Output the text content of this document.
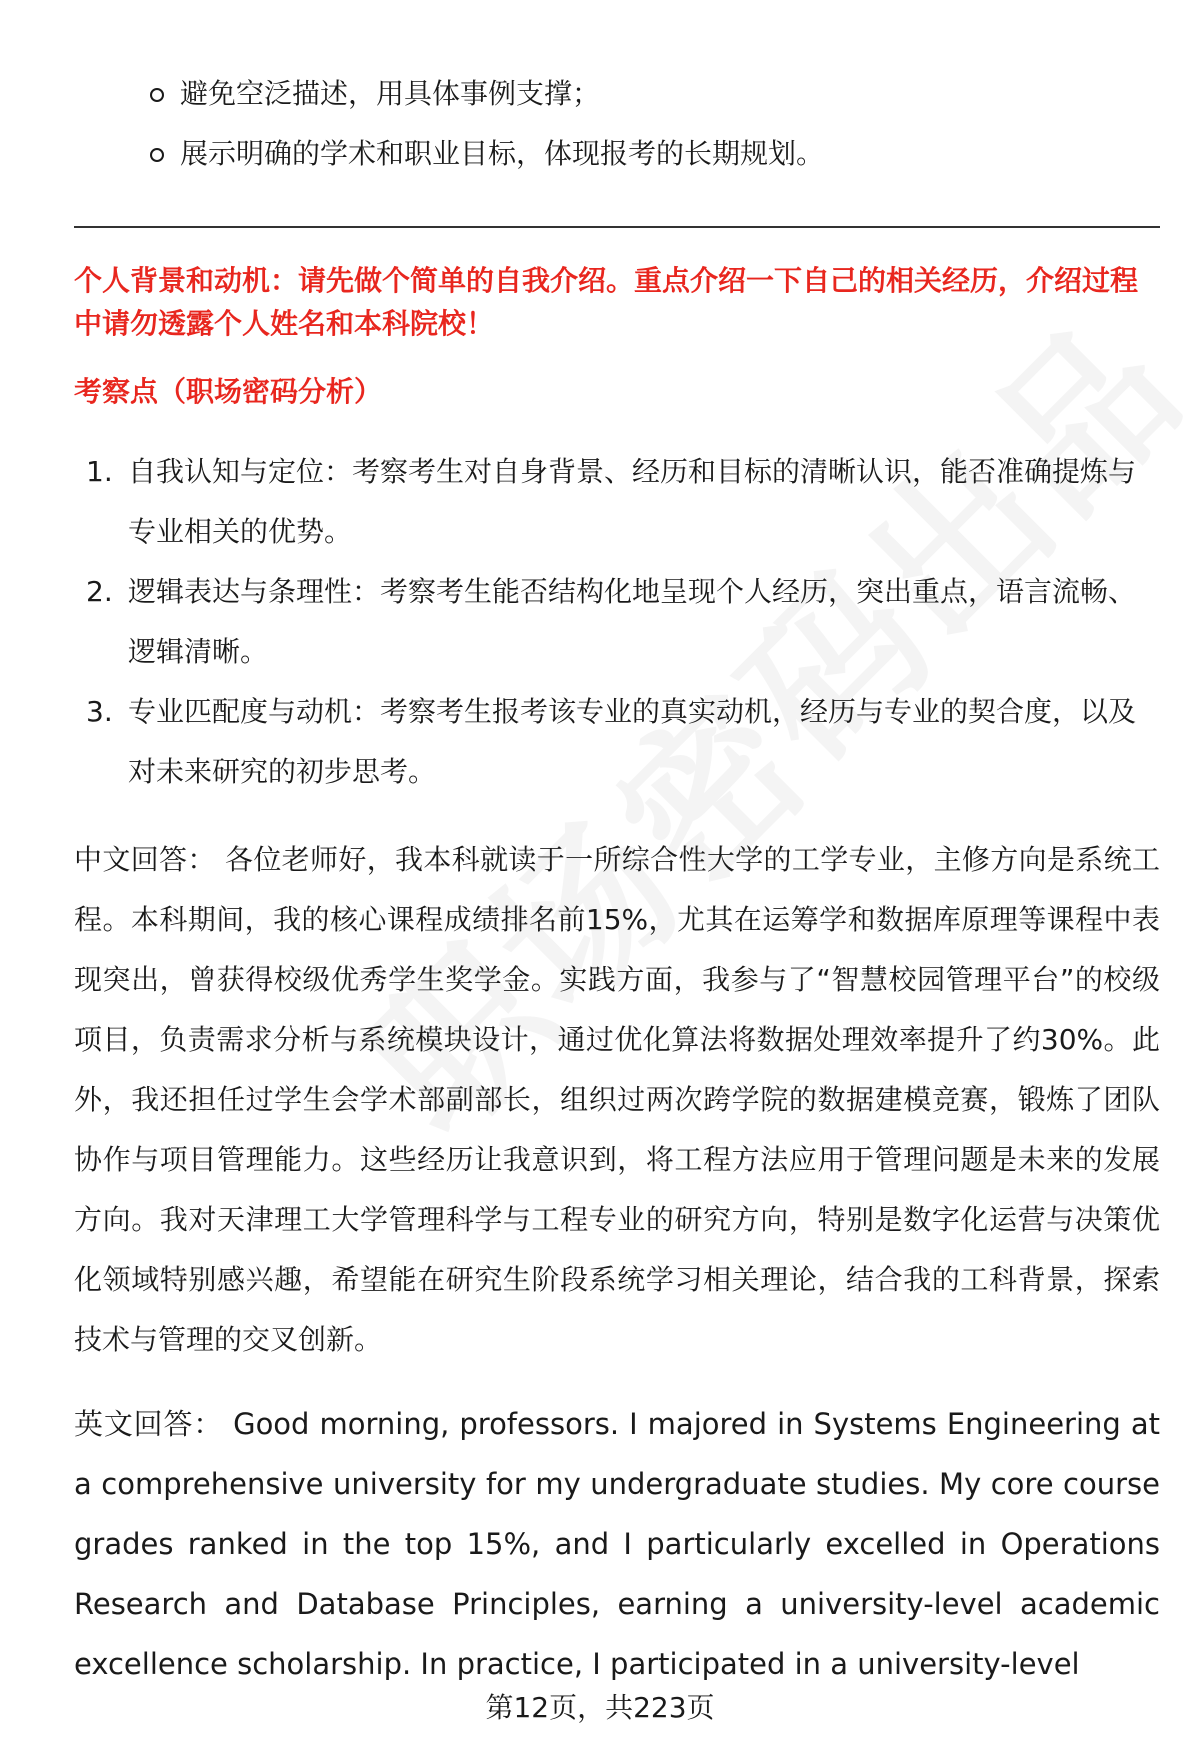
避免空泛描述，用具体事例支撑；
展示明确的学术和职业目标，体现报考的长期规划。
个人背景和动机：请先做个简单的自我介绍。重点介绍一下自己的相关经历，介绍过程中请勿透露个人姓名和本科院校！
考察点（职场密码分析）
1. 自我认知与定位：考察考生对自身背景、经历和目标的清晰认识，能否准确提炼与专业相关的优势。
2. 逻辑表达与条理性：考察考生能否结构化地呈现个人经历，突出重点，语言流畅、逻辑清晰。
3. 专业匹配度与动机：考察考生报考该专业的真实动机，经历与专业的契合度，以及对未来研究的初步思考。

中文回答： 各位老师好，我本科就读于一所综合性大学的工学专业，主修方向是系统工程。本科期间，我的核心课程成绩排名前15%，尤其在运筹学和数据库原理等课程中表现突出，曾获得校级优秀学生奖学金。实践方面，我参与了“智慧校园管理平台”的校级项目，负责需求分析与系统模块设计，通过优化算法将数据处理效率提升了约30%。此外，我还担任过学生会学术部副部长，组织过两次跨学院的数据建模竞赛，锻炼了团队协作与项目管理能力。这些经历让我意识到，将工程方法应用于管理问题是未来的发展方向。我对天津理工大学管理科学与工程专业的研究方向，特别是数字化运营与决策优化领域特别感兴趣，希望能在研究生阶段系统学习相关理论，结合我的工科背景，探索技术与管理的交叉创新。

英文回答： Good morning, professors. I majored in Systems Engineering at a comprehensive university for my undergraduate studies. My core course grades ranked in the top 15%, and I particularly excelled in Operations Research and Database Principles, earning a university-level academic excellence scholarship. In practice, I participated in a university-level

第12页，共223页
